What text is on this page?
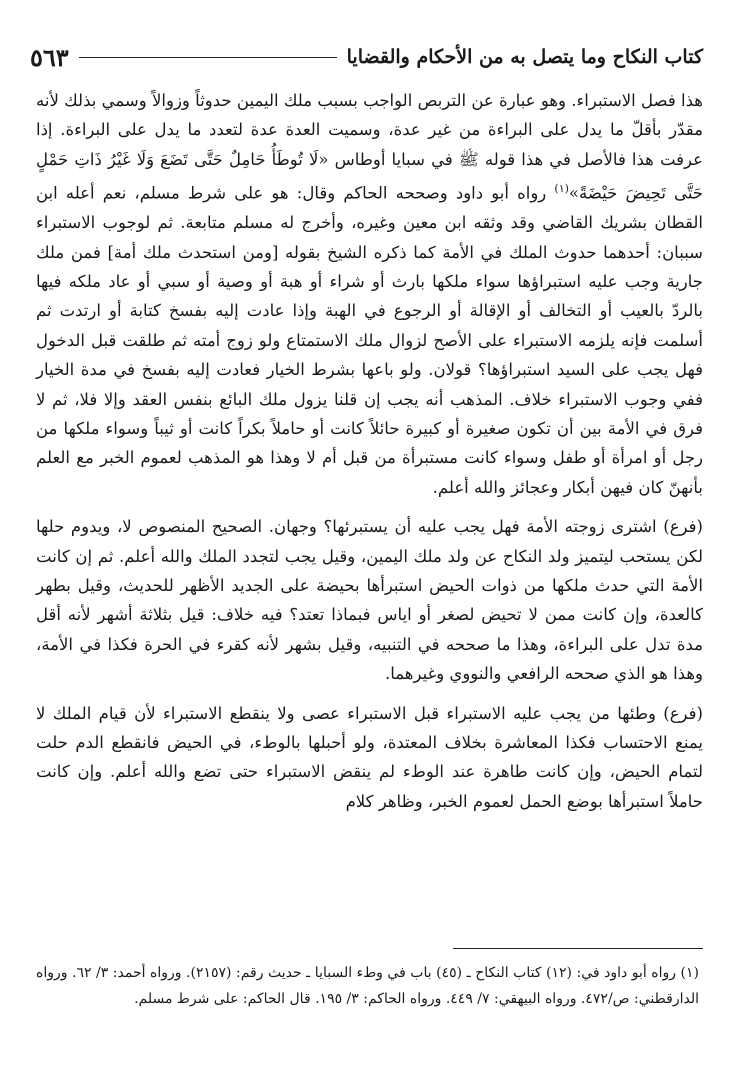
كتاب النكاح وما يتصل به من الأحكام والقضايا
٥٦٣

هذا فصل الاستبراء. وهو عبارة عن التربص الواجب بسبب ملك اليمين حدوثاً وزوالاً وسمي بذلك لأنه مقدّر بأقلّ ما يدل على البراءة من غير عدة، وسميت العدة عدة لتعدد ما يدل على البراءة. إذا عرفت هذا فالأصل في هذا قوله ﷺ في سبايا أوطاس «لَا تُوطَأُ حَامِلٌ حَتَّى تَضَعَ وَلَا غَيْرُ ذَاتِ حَمْلٍ حَتَّى تَحِيضَ حَيْضَةً»$^{(١)}$ رواه أبو داود وصححه الحاكم وقال: هو على شرط مسلم، نعم أعله ابن القطان بشريك القاضي وقد وثقه ابن معين وغيره، وأخرج له مسلم متابعة. ثم لوجوب الاستبراء سببان: أحدهما حدوث الملك في الأمة كما ذكره الشيخ بقوله [ومن استحدث ملك أمة] فمن ملك جارية وجب عليه استبراؤها سواء ملكها بارث أو شراء أو هبة أو وصية أو سبي أو عاد ملكه فيها بالردّ بالعيب أو التخالف أو الإقالة أو الرجوع في الهبة وإذا عادت إليه بفسخ كتابة أو ارتدت ثم أسلمت فإنه يلزمه الاستبراء على الأصح لزوال ملك الاستمتاع ولو زوج أمته ثم طلقت قبل الدخول فهل يجب على السيد استبراؤها؟ قولان. ولو باعها بشرط الخيار فعادت إليه بفسخ في مدة الخيار ففي وجوب الاستبراء خلاف. المذهب أنه يجب إن قلنا يزول ملك البائع بنفس العقد وإلا فلا، ثم لا فرق في الأمة بين أن تكون صغيرة أو كبيرة حائلاً كانت أو حاملاً بكراً كانت أو ثيباً وسواء ملكها من رجل أو امرأة أو طفل وسواء كانت مستبرأة من قبل أم لا وهذا هو المذهب لعموم الخبر مع العلم بأنهنّ كان فيهن أبكار وعجائز والله أعلم.

(فرع) اشترى زوجته الأمة فهل يجب عليه أن يستبرئها؟ وجهان. الصحيح المنصوص لا، ويدوم حلها لكن يستحب ليتميز ولد النكاح عن ولد ملك اليمين، وقيل يجب لتجدد الملك والله أعلم. ثم إن كانت الأمة التي حدث ملكها من ذوات الحيض استبرأها بحيضة على الجديد الأظهر للحديث، وقيل بطهر كالعدة، وإن كانت ممن لا تحيض لصغر أو اياس فبماذا تعتد؟ فيه خلاف: قيل بثلاثة أشهر لأنه أقل مدة تدل على البراءة، وهذا ما صححه في التنبيه، وقيل بشهر لأنه كقرء في الحرة فكذا في الأمة، وهذا هو الذي صححه الرافعي والنووي وغيرهما.

(فرع) وطئها من يجب عليه الاستبراء قبل الاستبراء عصى ولا ينقطع الاستبراء لأن قيام الملك لا يمنع الاحتساب فكذا المعاشرة بخلاف المعتدة، ولو أحبلها بالوطء، في الحيض فانقطع الدم حلت لتمام الحيض، وإن كانت طاهرة عند الوطء لم ينقض الاستبراء حتى تضع والله أعلم. وإن كانت حاملاً استبرأها بوضع الحمل لعموم الخبر، وظاهر كلام

(١) رواه أبو داود في: (١٢) كتاب النكاح ـ (٤٥) باب في وطء السبايا ـ حديث رقم: (٢١٥٧). ورواه أحمد: ٣/ ٦٢. ورواه الدارقطني: ص/٤٧٢. ورواه البيهقي: ٧/ ٤٤٩. ورواه الحاكم: ٣/ ١٩٥. قال الحاكم: على شرط مسلم.
